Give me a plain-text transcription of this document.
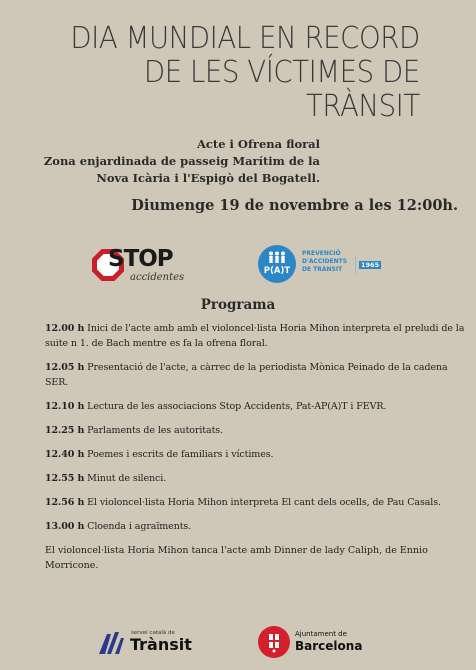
DIA MUNDIAL EN RECORD
DE LES VÍCTIMES DE
TRÀNSIT
Acte i Ofrena floral
Zona enjardinada de passeig Marítim de la
Nova Icària i l'Espigò del Bogatell.
Diumenge 19 de novembre a les 12:00h.
STOP
accidentes
P(A)T
PREVENCIÓ
D'ACCIDENTS
DE TRÀNSIT
1965
Programa
12.00 h Inici de l'acte amb amb el violoncel·lista Horia Mihon interpreta el preludi de la suite n 1. de Bach mentre es fa la ofrena floral.
12.05 h Presentació de l'acte, a càrrec de la periodista Mònica Peinado de la cadena SER.
12.10 h Lectura de les associacions Stop Accidents, Pat-AP(A)T i FEVR.
12.25 h Parlaments de les autoritats.
12.40 h Poemes i escrits de familiars i víctimes.
12.55 h Minut de silenci.
12.56 h El violoncel·lista Horia Mihon interpreta El cant dels ocells, de Pau Casals.
13.00 h Cloenda i agraïments.
El violoncel·lista Horia Mihon tanca l'acte amb Dinner de lady Caliph, de Ennio Morricone.
servei català de
Trànsit
Ajuntament de
Barcelona
